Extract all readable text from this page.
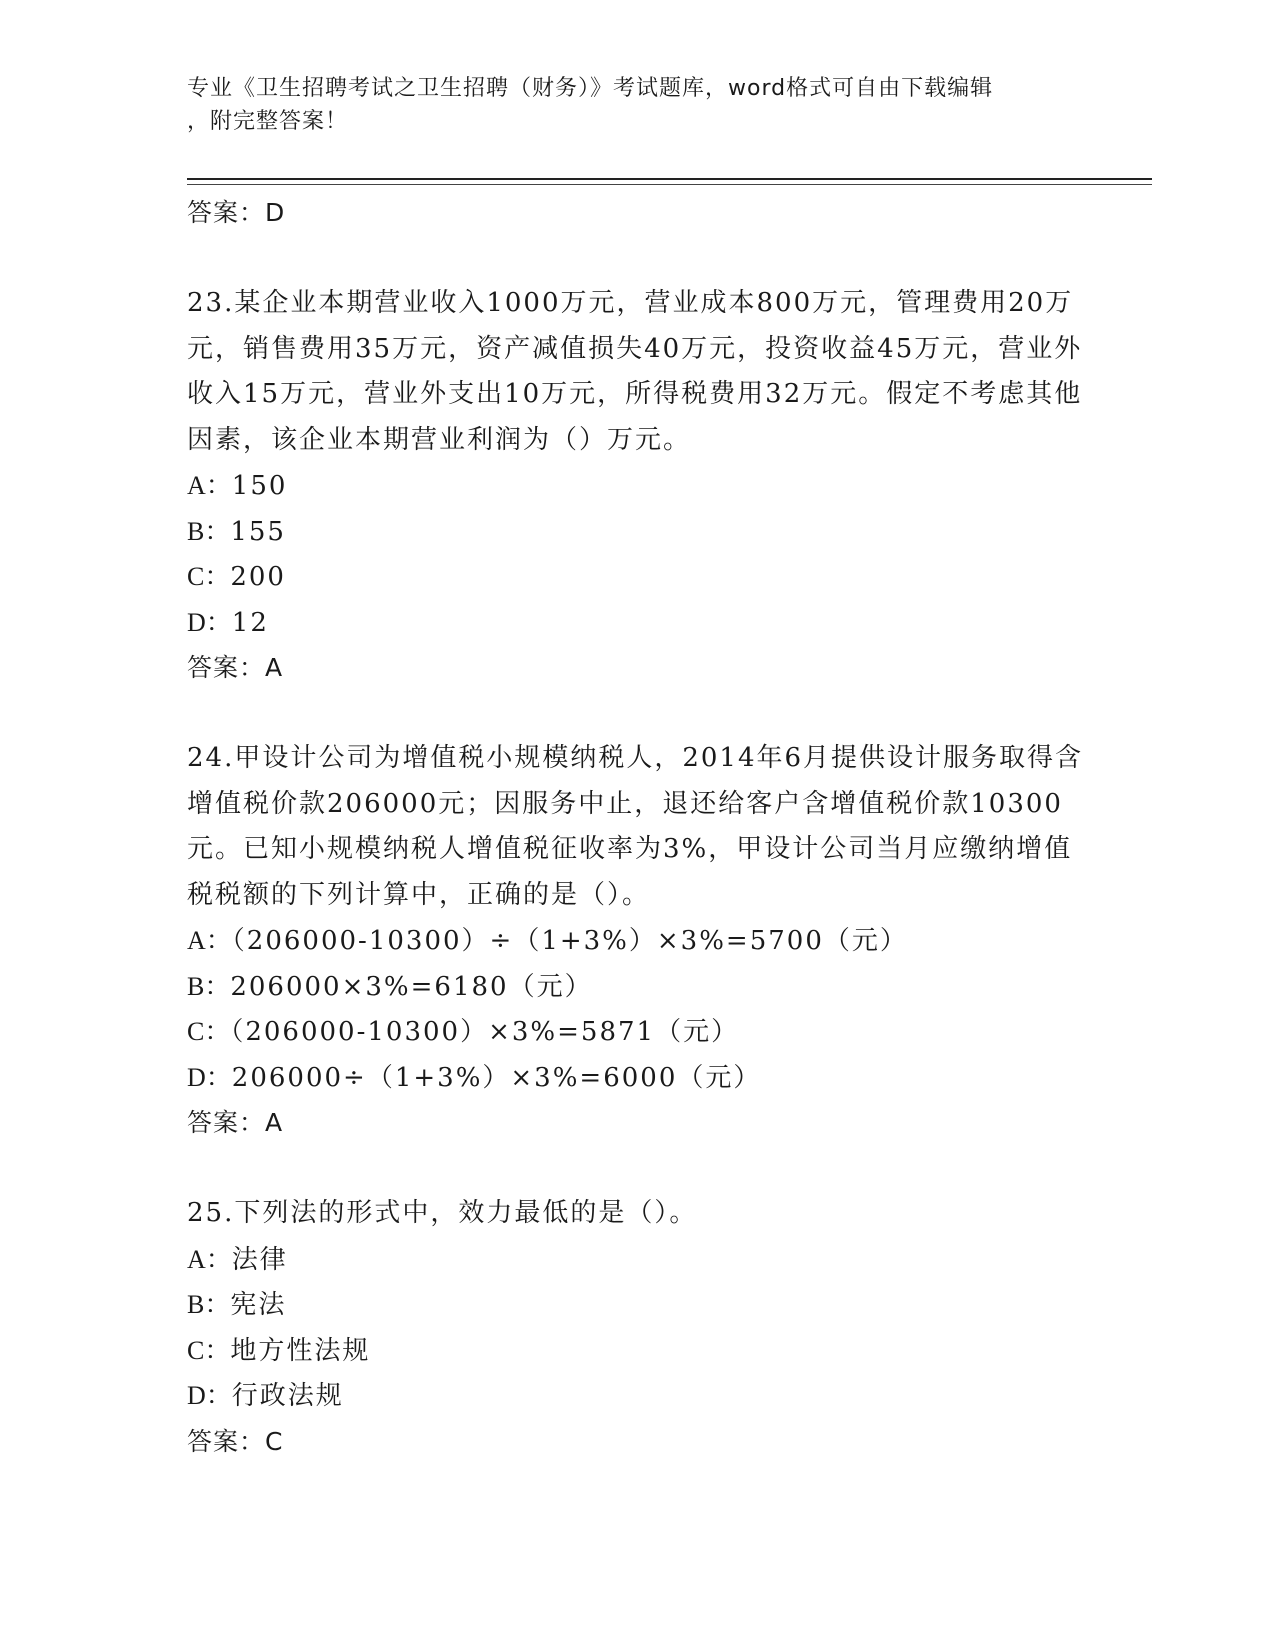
专业《卫生招聘考试之卫生招聘（财务）》考试题库，word格式可自由下载编辑
，附完整答案！
答案：D
23.某企业本期营业收入1000万元，营业成本800万元，管理费用20万元，销售费用35万元，资产减值损失40万元，投资收益45万元，营业外收入15万元，营业外支出10万元，所得税费用32万元。假定不考虑其他因素，该企业本期营业利润为（）万元。
A：150
B：155
C：200
D：12
答案：A
24.甲设计公司为增值税小规模纳税人，2014年6月提供设计服务取得含增值税价款206000元；因服务中止，退还给客户含增值税价款10300元。已知小规模纳税人增值税征收率为3%，甲设计公司当月应缴纳增值税税额的下列计算中，正确的是（）。
A：（206000-10300）÷（1+3%）×3%=5700（元）
B：206000×3%=6180（元）
C：（206000-10300）×3%=5871（元）
D：206000÷（1+3%）×3%=6000（元）
答案：A
25.下列法的形式中，效力最低的是（）。
A：法律
B：宪法
C：地方性法规
D：行政法规
答案：C
